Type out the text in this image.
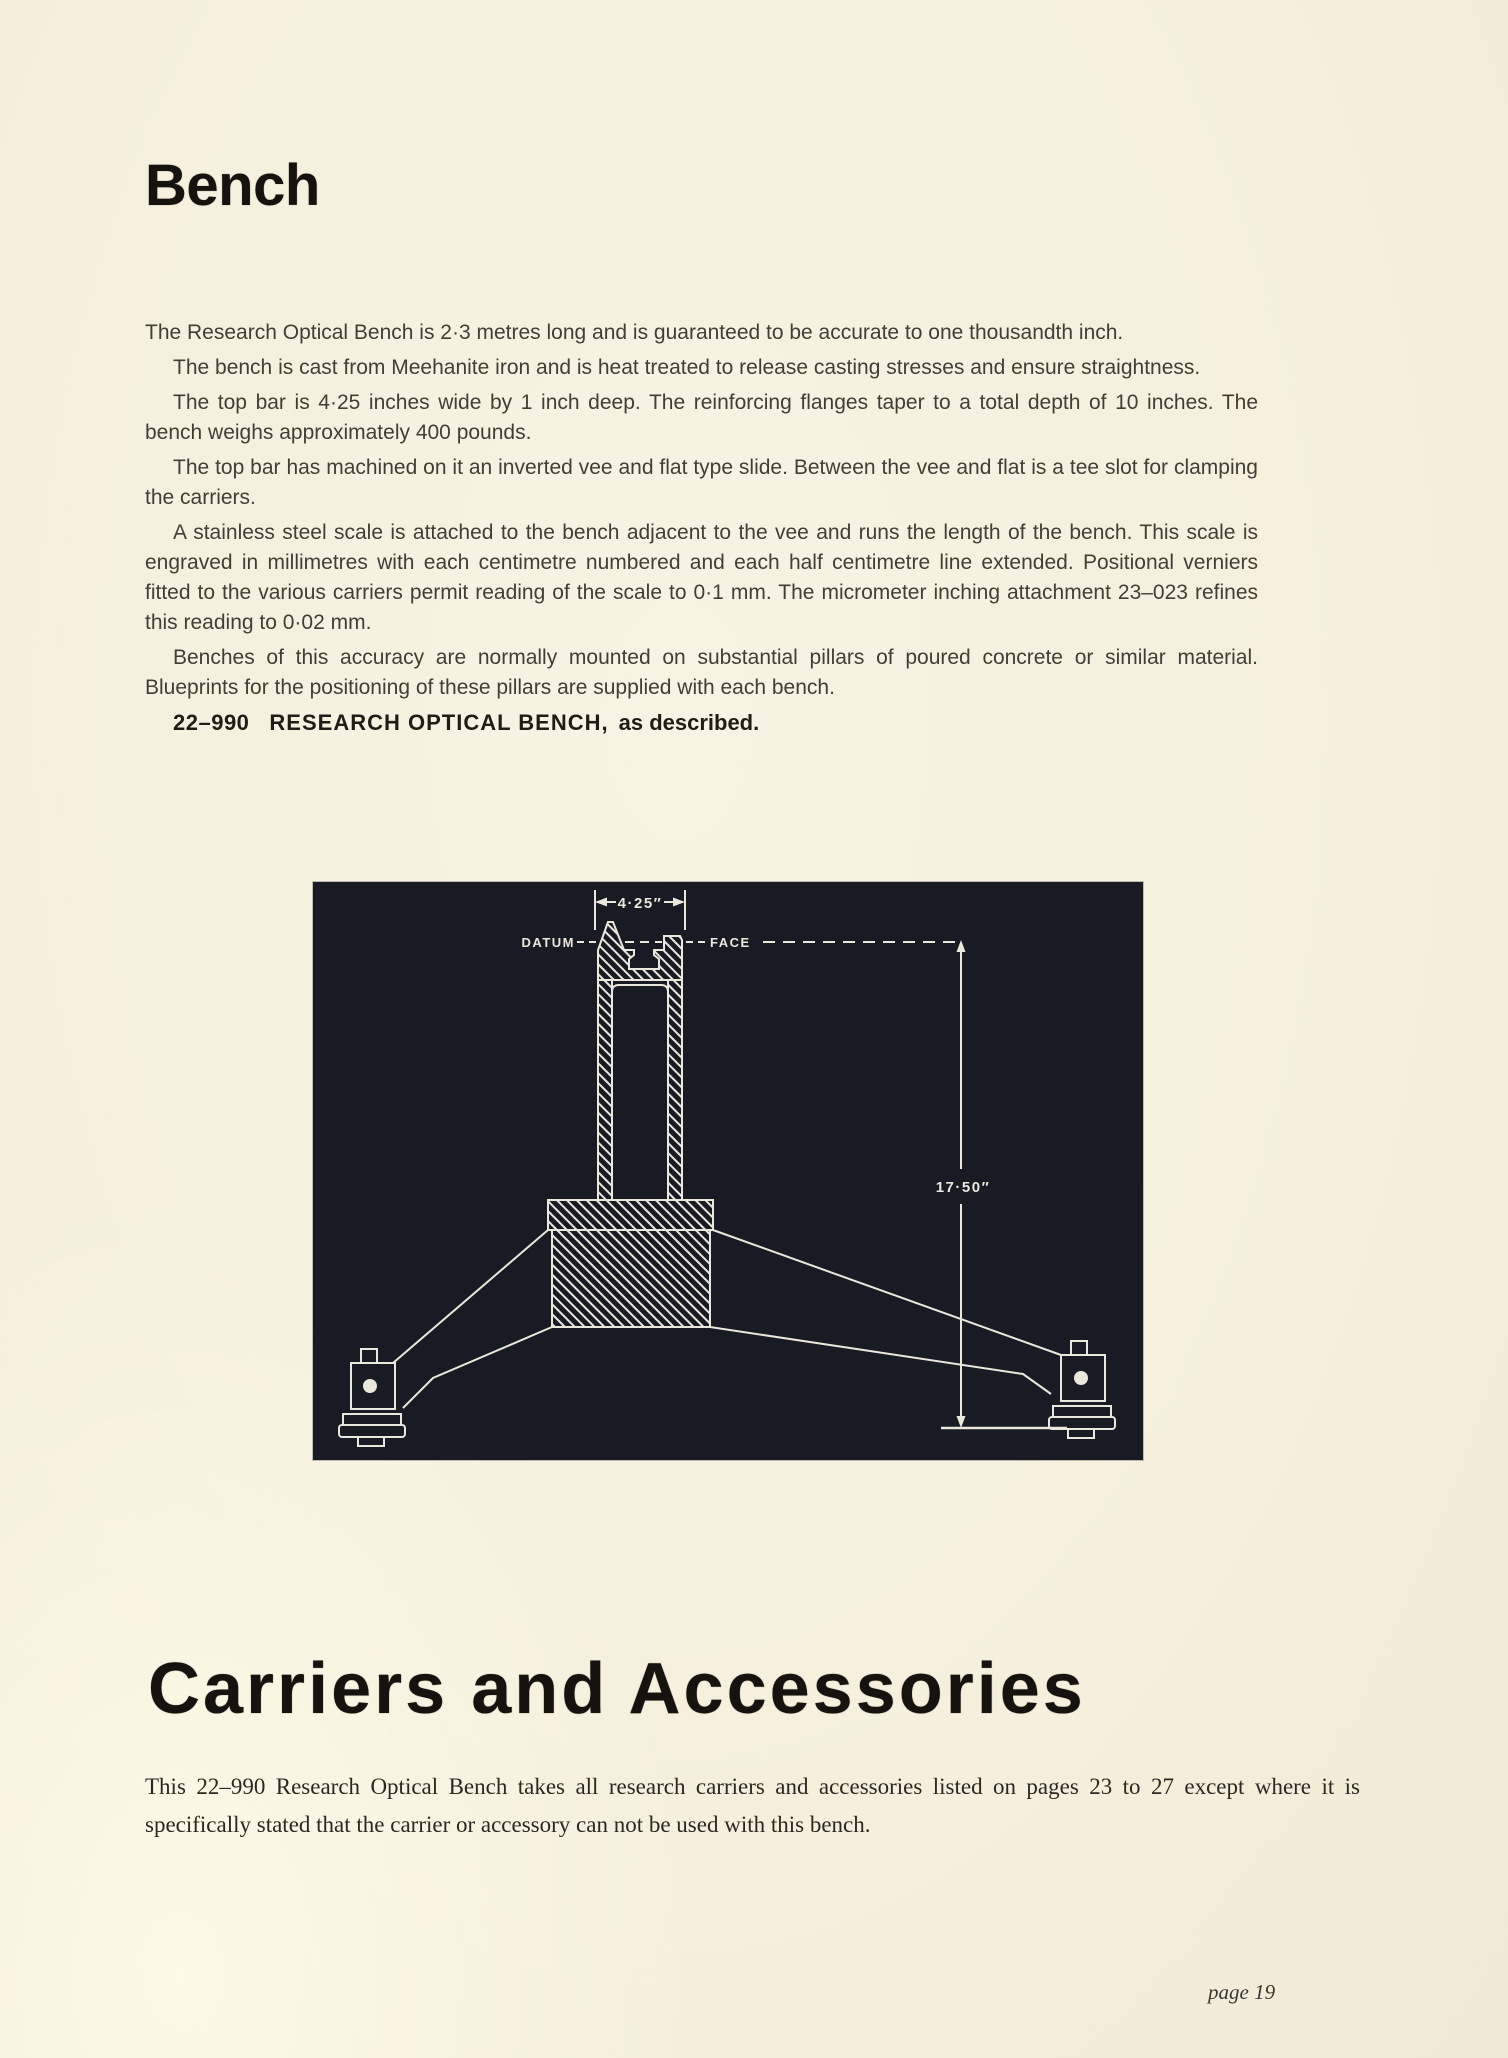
Bench

The Research Optical Bench is 2·3 metres long and is guaranteed to be accurate to one thousandth inch.

The bench is cast from Meehanite iron and is heat treated to release casting stresses and ensure straightness.

The top bar is 4·25 inches wide by 1 inch deep. The reinforcing flanges taper to a total depth of 10 inches. The bench weighs approximately 400 pounds.

The top bar has machined on it an inverted vee and flat type slide. Between the vee and flat is a tee slot for clamping the carriers.

A stainless steel scale is attached to the bench adjacent to the vee and runs the length of the bench. This scale is engraved in millimetres with each centimetre numbered and each half centimetre line extended. Positional verniers fitted to the various carriers permit reading of the scale to 0·1 mm. The micrometer inching attachment 23–023 refines this reading to 0·02 mm.

Benches of this accuracy are normally mounted on substantial pillars of poured concrete or similar material. Blueprints for the positioning of these pillars are supplied with each bench.

22–990 RESEARCH OPTICAL BENCH, as described.

4·25″
DATUM	FACE
17·50″
Carriers and Accessories

This 22–990 Research Optical Bench takes all research carriers and accessories listed on pages 23 to 27 except where it is specifically stated that the carrier or accessory can not be used with this bench.

page 19
